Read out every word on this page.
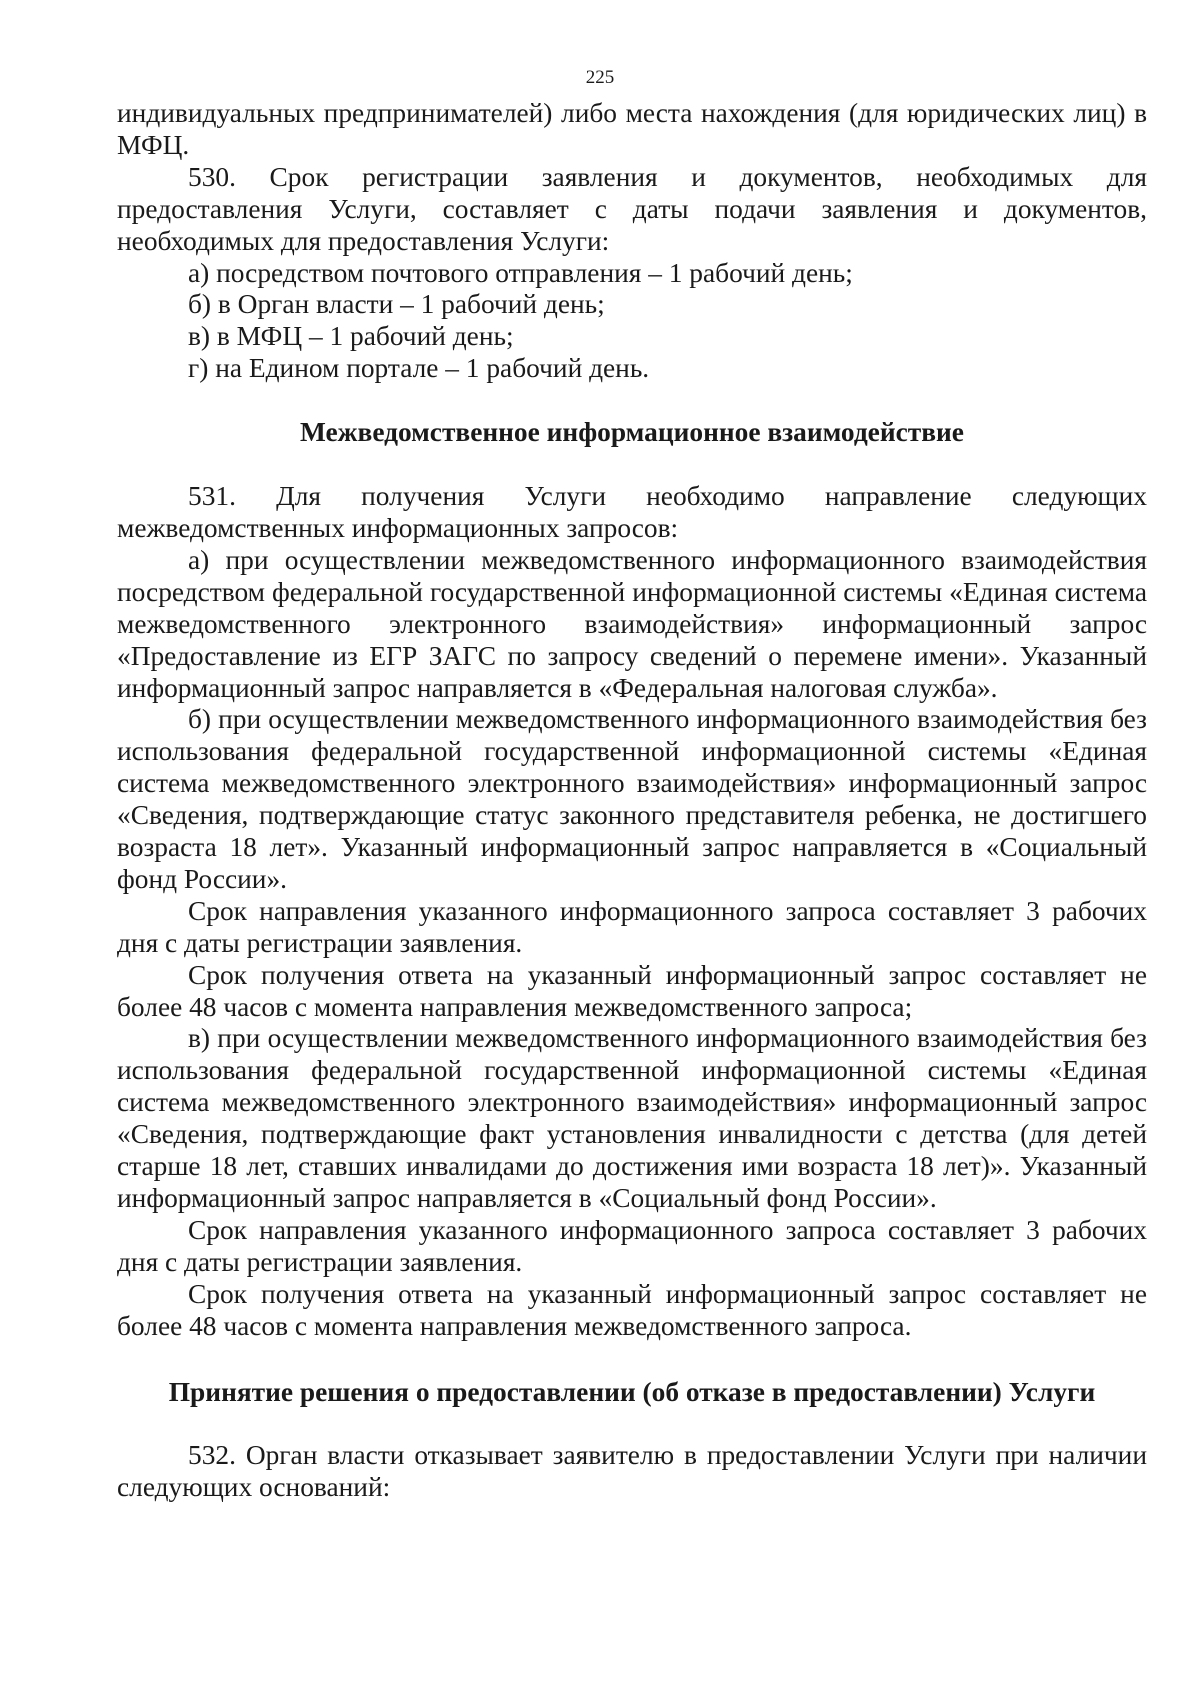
225

индивидуальных предпринимателей) либо места нахождения (для юридических лиц) в МФЦ.

530. Срок регистрации заявления и документов, необходимых для предоставления Услуги, составляет с даты подачи заявления и документов, необходимых для предоставления Услуги:

а) посредством почтового отправления – 1 рабочий день;

б) в Орган власти – 1 рабочий день;

в) в МФЦ – 1 рабочий день;

г) на Едином портале – 1 рабочий день.

Межведомственное информационное взаимодействие

531. Для получения Услуги необходимо направление следующих межведомственных информационных запросов:

а) при осуществлении межведомственного информационного взаимодействия посредством федеральной государственной информационной системы «Единая система межведомственного электронного взаимодействия» информационный запрос «Предоставление из ЕГР ЗАГС по запросу сведений о перемене имени». Указанный информационный запрос направляется в «Федеральная налоговая служба».

б) при осуществлении межведомственного информационного взаимодействия без использования федеральной государственной информационной системы «Единая система межведомственного электронного взаимодействия» информационный запрос «Сведения, подтверждающие статус законного представителя ребенка, не достигшего возраста 18 лет». Указанный информационный запрос направляется в «Социальный фонд России».

Срок направления указанного информационного запроса составляет 3 рабочих дня с даты регистрации заявления.

Срок получения ответа на указанный информационный запрос составляет не более 48 часов с момента направления межведомственного запроса;

в) при осуществлении межведомственного информационного взаимодействия без использования федеральной государственной информационной системы «Единая система межведомственного электронного взаимодействия» информационный запрос «Сведения, подтверждающие факт установления инвалидности с детства (для детей старше 18 лет, ставших инвалидами до достижения ими возраста 18 лет)». Указанный информационный запрос направляется в «Социальный фонд России».

Срок направления указанного информационного запроса составляет 3 рабочих дня с даты регистрации заявления.

Срок получения ответа на указанный информационный запрос составляет не более 48 часов с момента направления межведомственного запроса.

Принятие решения о предоставлении (об отказе в предоставлении) Услуги

532. Орган власти отказывает заявителю в предоставлении Услуги при наличии следующих оснований:
